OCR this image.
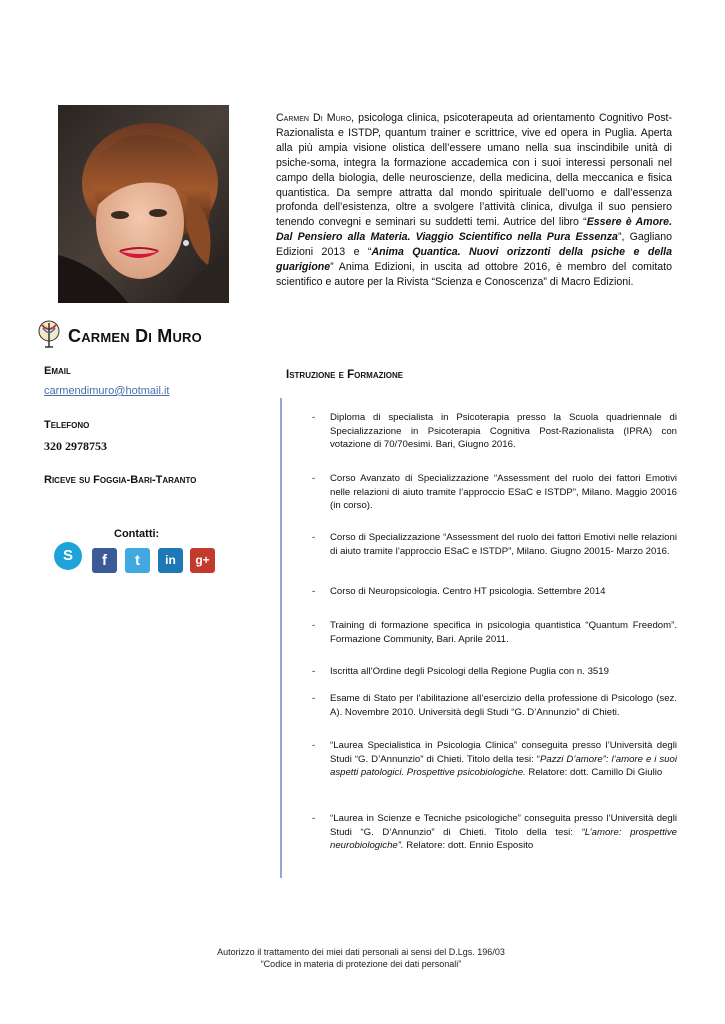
Carmen Di Muro, psicologa clinica, psicoterapeuta ad orientamento Cognitivo Post-Razionalista e ISTDP, quantum trainer e scrittrice, vive ed opera in Puglia. Aperta alla più ampia visione olistica dell’essere umano nella sua inscindibile unità di psiche-soma, integra la formazione accademica con i suoi interessi personali nel campo della biologia, delle neuroscienze, della medicina, della meccanica e fisica quantistica. Da sempre attratta dal mondo spirituale dell’uomo e dall’essenza profonda dell’esistenza, oltre a svolgere l’attività clinica, divulga il suo pensiero tenendo convegni e seminari su suddetti temi. Autrice del libro “Essere è Amore. Dal Pensiero alla Materia. Viaggio Scientifico nella Pura Essenza”, Gagliano Edizioni 2013 e “Anima Quantica. Nuovi orizzonti della psiche e della guarigione” Anima Edizioni, in uscita ad ottobre 2016, è membro del comitato scientifico e autore per la Rivista “Scienza e Conoscenza” di Macro Edizioni.
Carmen Di Muro
Email
carmendimuro@hotmail.it
Telefono
320 2978753
Riceve su Foggia-Bari-Taranto
Contatti:
S	f	t	in	g+
Istruzione e Formazione
- Diploma di specialista in Psicoterapia presso la Scuola quadriennale di Specializzazione in Psicoterapia Cognitiva Post-Razionalista (IPRA) con votazione di 70/70esimi. Bari, Giugno 2016.
- Corso Avanzato di Specializzazione “Assessment del ruolo dei fattori Emotivi nelle relazioni di aiuto tramite l’approccio ESaC e ISTDP”, Milano. Maggio 20016 (in corso).
- Corso di Specializzazione “Assessment del ruolo dei fattori Emotivi nelle relazioni di aiuto tramite l’approccio ESaC e ISTDP”, Milano. Giugno 20015- Marzo 2016.
- Corso di Neuropsicologia. Centro HT psicologia. Settembre 2014
- Training di formazione specifica in psicologia quantistica “Quantum Freedom”. Formazione Community, Bari. Aprile 2011.
- Iscritta all’Ordine degli Psicologi della Regione Puglia con n. 3519
- Esame di Stato per l’abilitazione all’esercizio della professione di Psicologo (sez. A). Novembre 2010. Università degli Studi “G. D’Annunzio” di Chieti.
- “Laurea Specialistica in Psicologia Clinica” conseguita presso l’Università degli Studi “G. D’Annunzio” di Chieti. Titolo della tesi: “Pazzi D’amore”: l’amore e i suoi aspetti patologici. Prospettive psicobiologiche. Relatore: dott. Camillo Di Giulio
- “Laurea in Scienze e Tecniche psicologiche” conseguita presso l’Università degli Studi “G. D’Annunzio” di Chieti. Titolo della tesi: “L’amore: prospettive neurobiologiche”. Relatore: dott. Ennio Esposito
Autorizzo il trattamento dei miei dati personali ai sensi del D.Lgs. 196/03
“Codice in materia di protezione dei dati personali”
